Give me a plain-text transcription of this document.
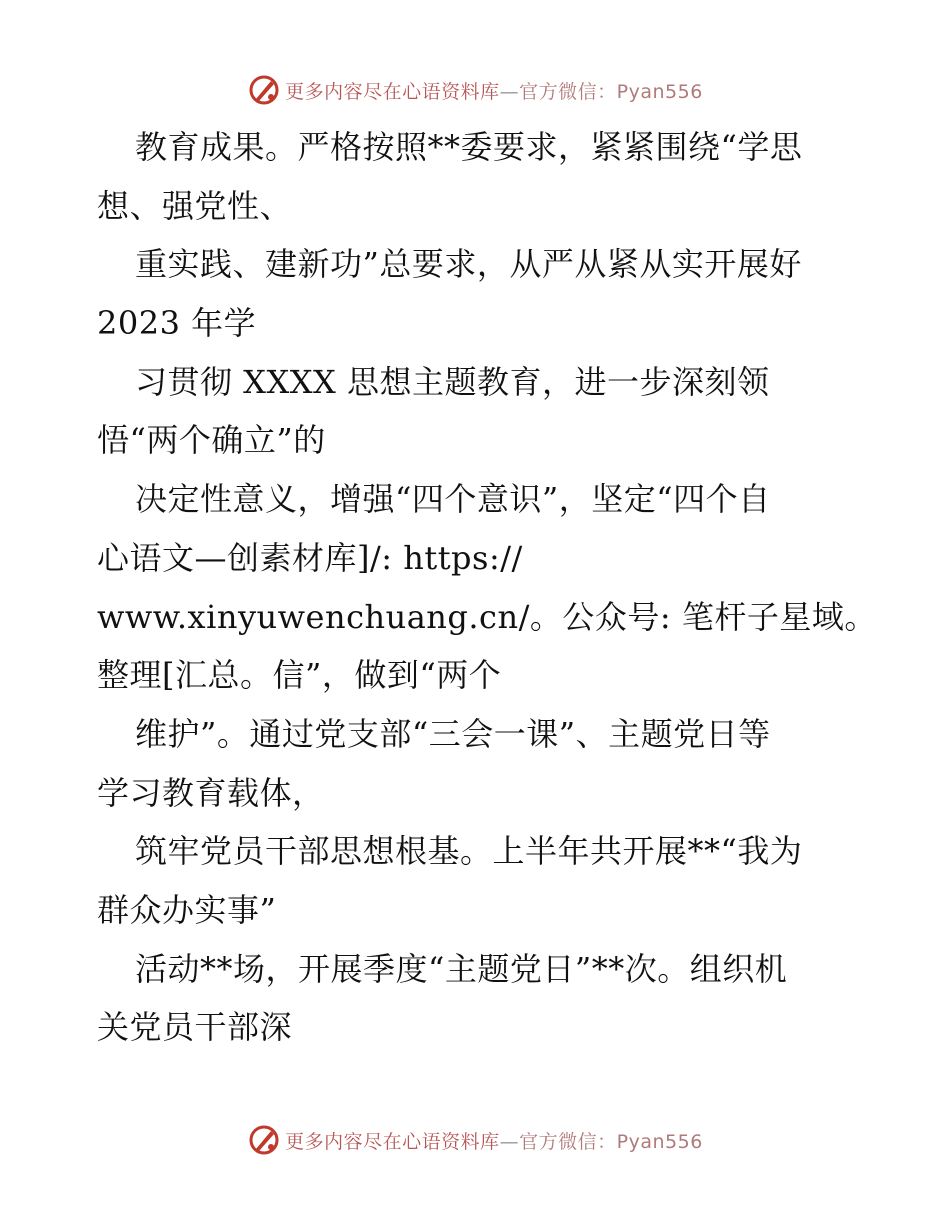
更多内容尽在心语资料库—官方微信：Pyan556
教育成果。严格按照**委要求，紧紧围绕“学思
想、强党性、
重实践、建新功”总要求，从严从紧从实开展好
2023 年学
习贯彻 XXXX 思想主题教育，进一步深刻领
悟“两个确立”的
决定性意义，增强“四个意识”，坚定“四个自
心语文—创素材库]/: https://
www.xinyuwenchuang.cn/。公众号: 笔杆子星域。
整理[汇总。信”，做到“两个
维护”。通过党支部“三会一课”、主题党日等
学习教育载体，
筑牢党员干部思想根基。上半年共开展**“我为
群众办实事”
活动**场，开展季度“主题党日”**次。组织机
关党员干部深
更多内容尽在心语资料库—官方微信：Pyan556
